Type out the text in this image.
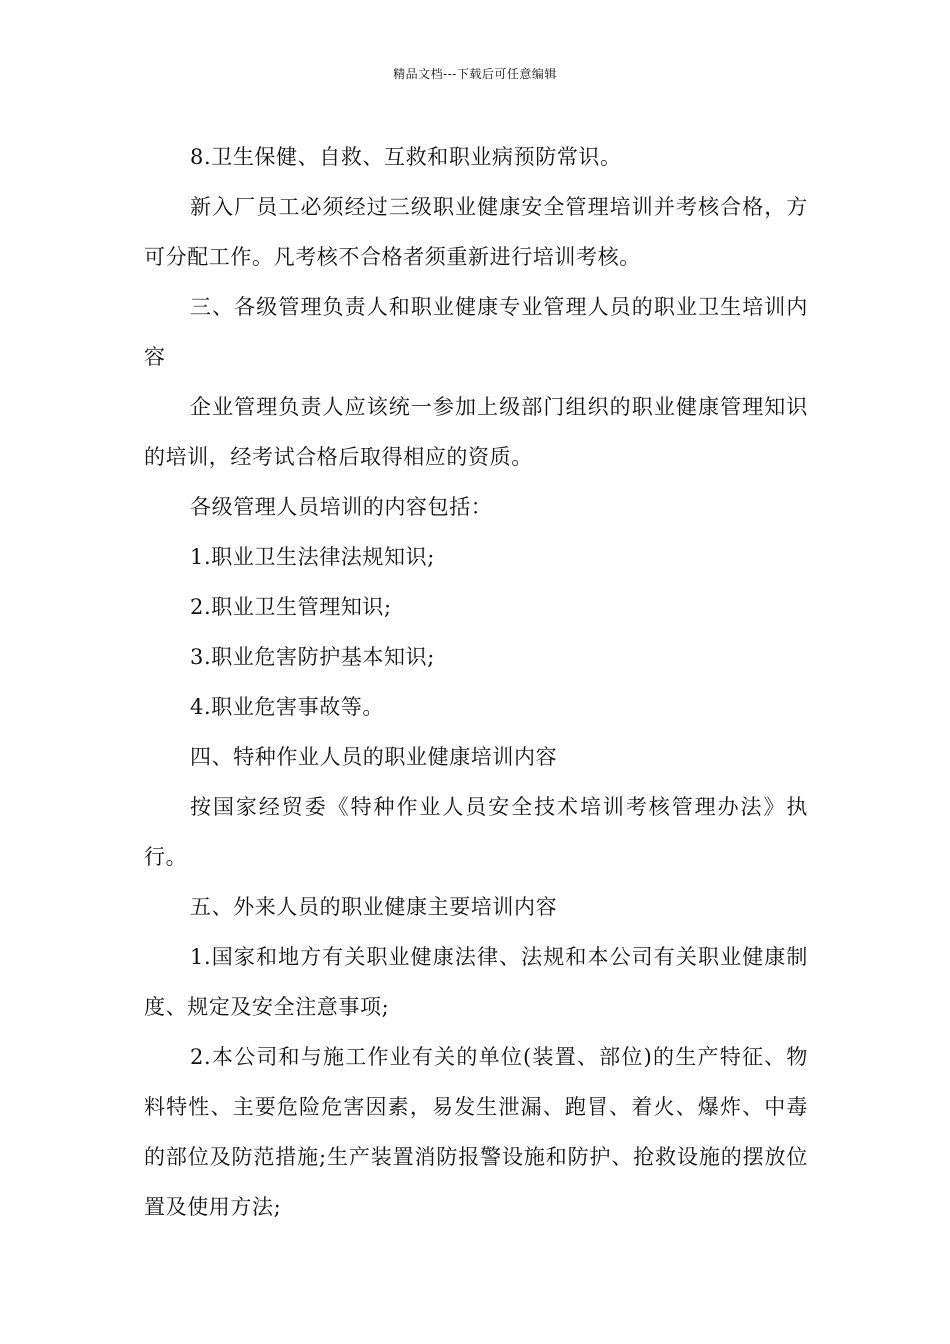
精品文档---下载后可任意编辑

8.卫生保健、自救、互救和职业病预防常识。

新入厂员工必须经过三级职业健康安全管理培训并考核合格，方可分配工作。凡考核不合格者须重新进行培训考核。

三、各级管理负责人和职业健康专业管理人员的职业卫生培训内容

企业管理负责人应该统一参加上级部门组织的职业健康管理知识的培训，经考试合格后取得相应的资质。

各级管理人员培训的内容包括：

1.职业卫生法律法规知识;

2.职业卫生管理知识;

3.职业危害防护基本知识;

4.职业危害事故等。

四、特种作业人员的职业健康培训内容

按国家经贸委《特种作业人员安全技术培训考核管理办法》执行。

五、外来人员的职业健康主要培训内容

1.国家和地方有关职业健康法律、法规和本公司有关职业健康制度、规定及安全注意事项;

2.本公司和与施工作业有关的单位(装置、部位)的生产特征、物料特性、主要危险危害因素，易发生泄漏、跑冒、着火、爆炸、中毒的部位及防范措施;生产装置消防报警设施和防护、抢救设施的摆放位置及使用方法;
